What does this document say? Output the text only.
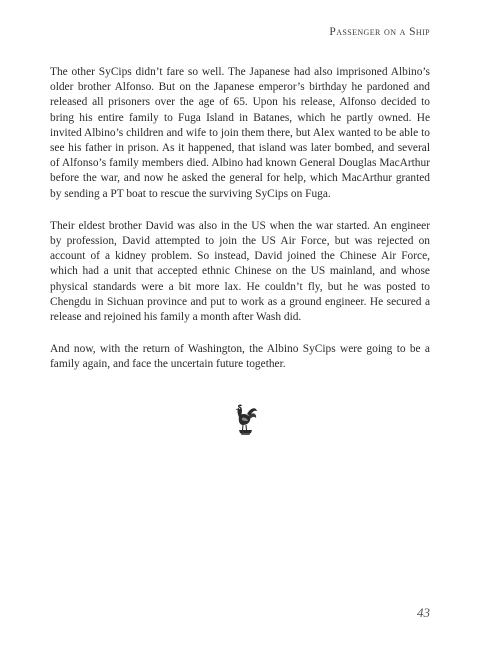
Passenger on a Ship

The other SyCips didn’t fare so well. The Japanese had also imprisoned Albino’s older brother Alfonso. But on the Japanese emperor’s birthday he pardoned and released all prisoners over the age of 65. Upon his release, Alfonso decided to bring his entire family to Fuga Island in Batanes, which he partly owned. He invited Albino’s children and wife to join them there, but Alex wanted to be able to see his father in prison. As it happened, that island was later bombed, and several of Alfonso’s family members died. Albino had known General Douglas MacArthur before the war, and now he asked the general for help, which MacArthur granted by sending a PT boat to rescue the surviving SyCips on Fuga.

Their eldest brother David was also in the US when the war started. An engineer by profession, David attempted to join the US Air Force, but was rejected on account of a kidney problem. So instead, David joined the Chinese Air Force, which had a unit that accepted ethnic Chinese on the US mainland, and whose physical standards were a bit more lax. He couldn’t fly, but he was posted to Chengdu in Sichuan province and put to work as a ground engineer. He secured a release and rejoined his family a month after Wash did.

And now, with the return of Washington, the Albino SyCips were going to be a family again, and face the uncertain future together.

43
